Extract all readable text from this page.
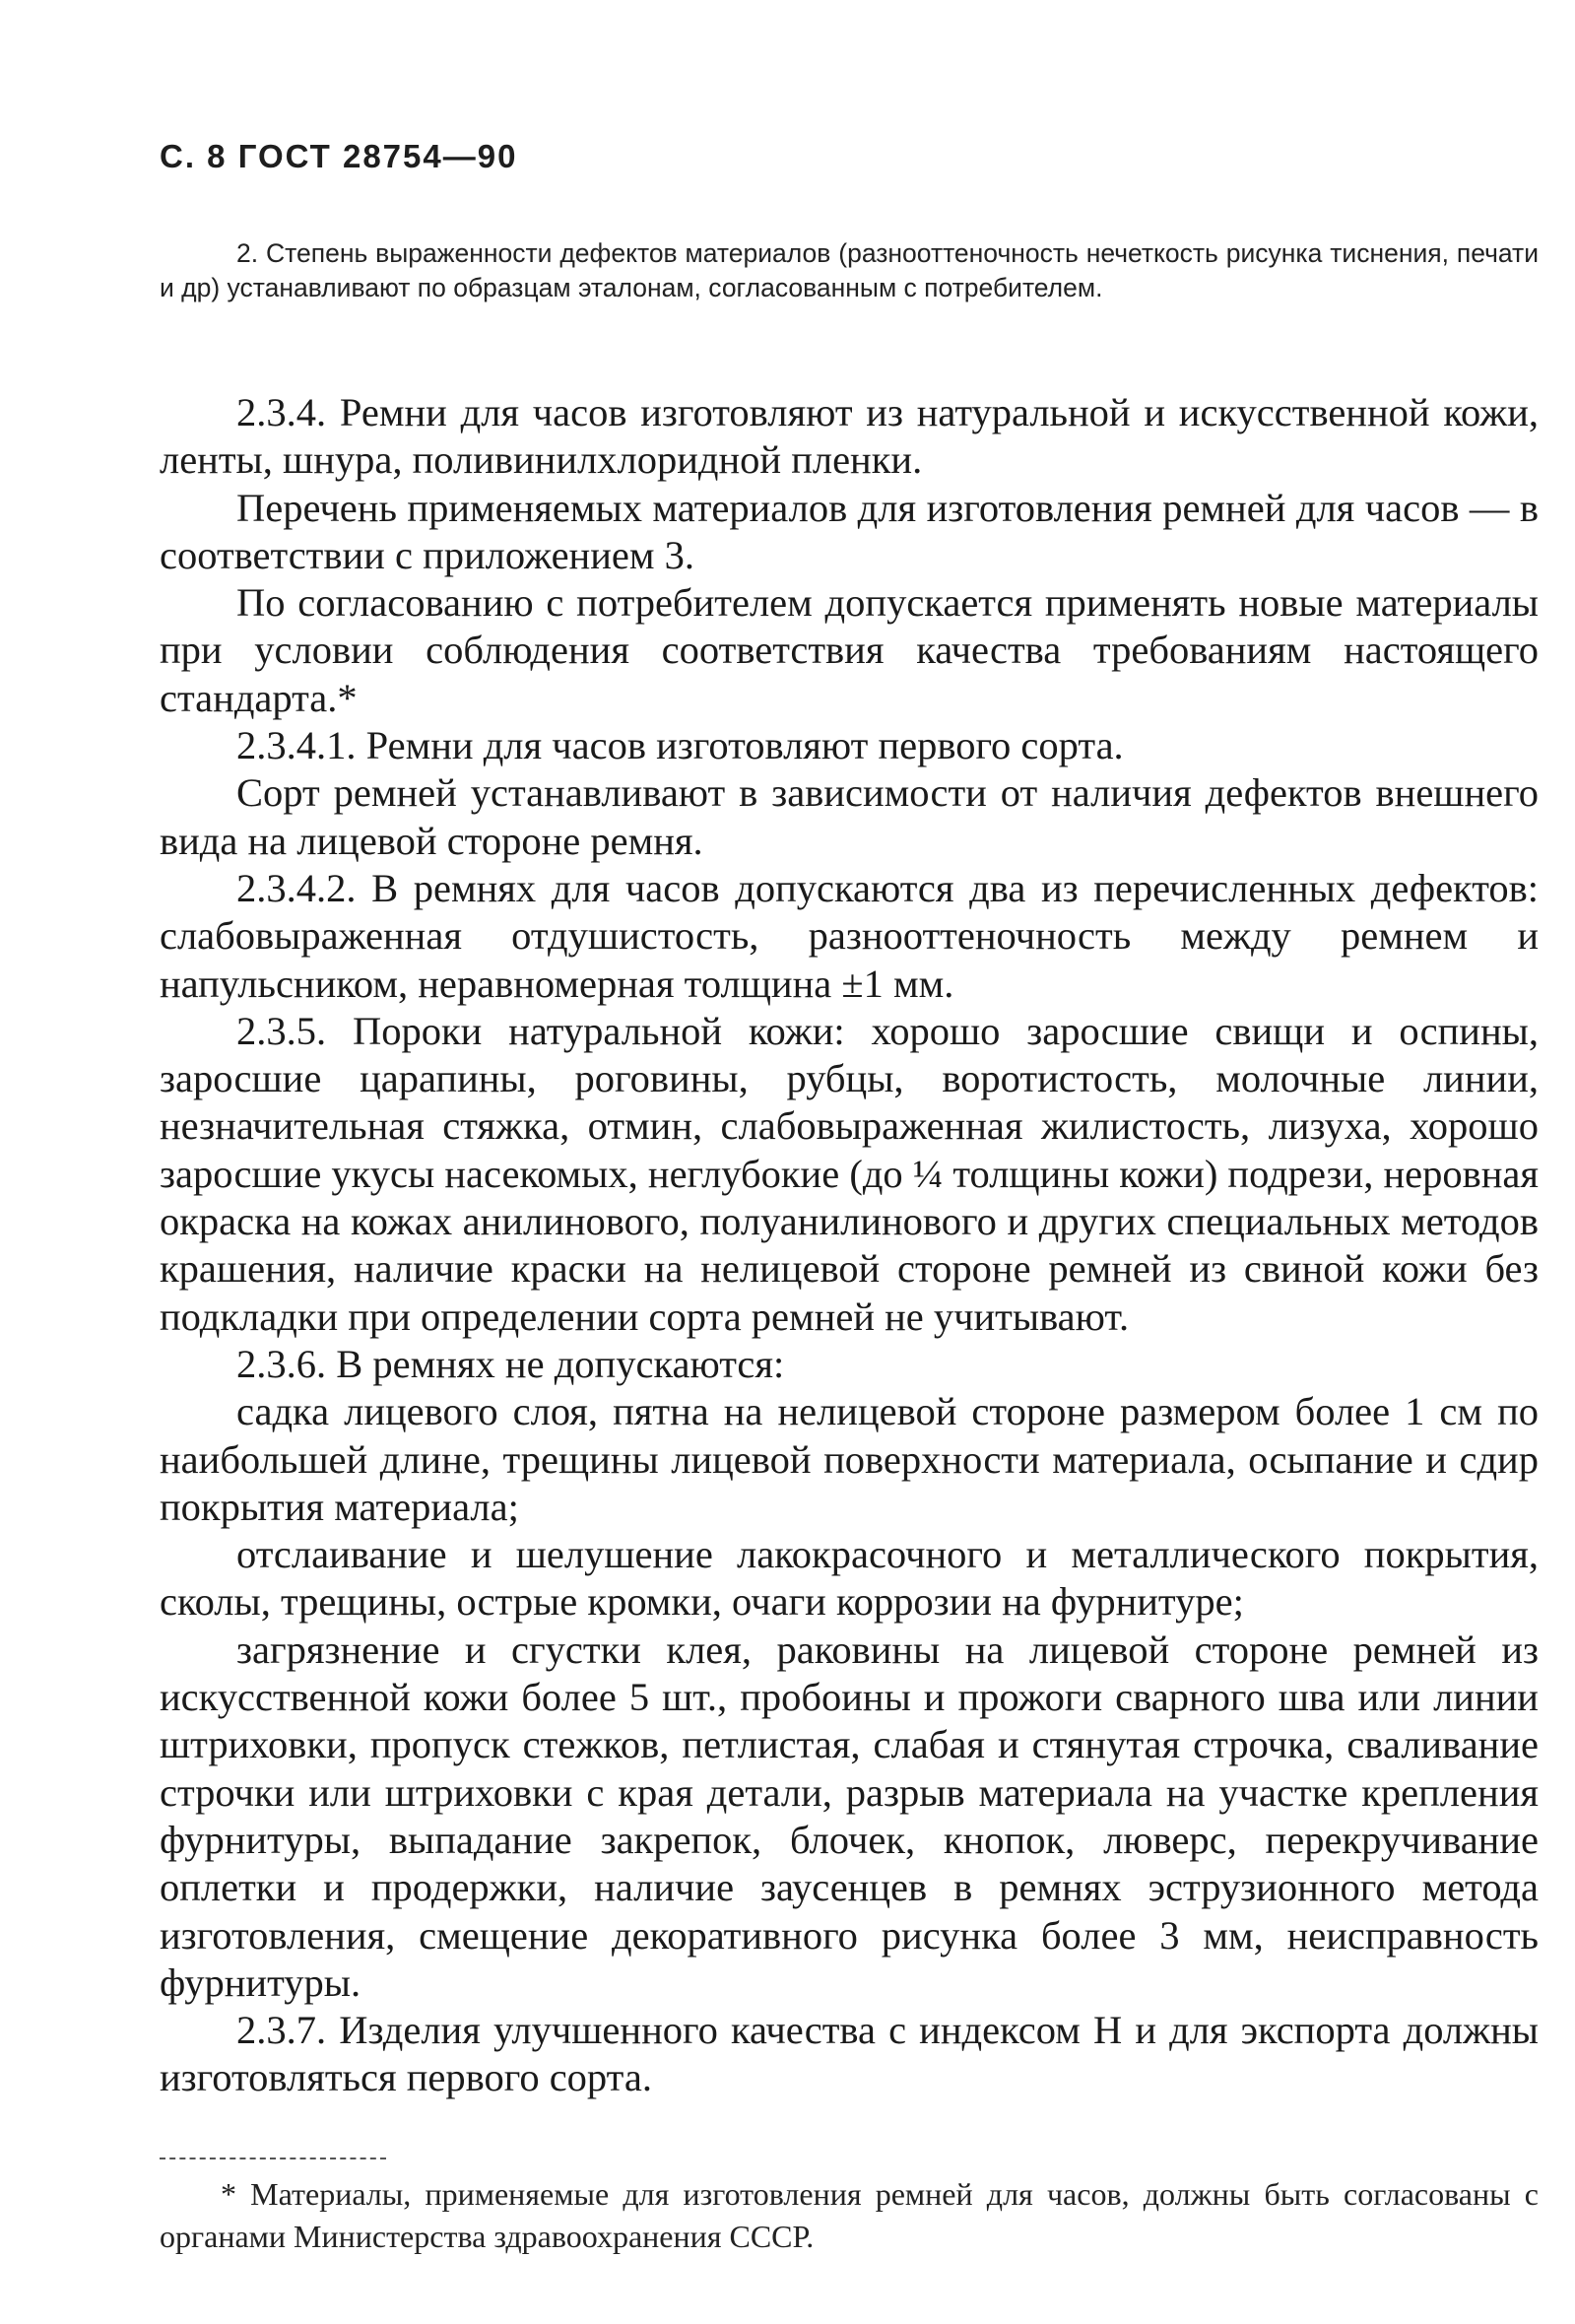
С. 8 ГОСТ 28754—90

2. Степень выраженности дефектов материалов (разнооттеночность нечеткость рисунка тиснения, печати и др) устанавливают по образцам эталонам, согласованным с потребителем.

2.3.4. Ремни для часов изготовляют из натуральной и искусственной кожи, ленты, шнура, поливинилхлоридной пленки.

Перечень применяемых материалов для изготовления ремней для часов — в соответствии с приложением 3.

По согласованию с потребителем допускается применять новые материалы при условии соблюдения соответствия качества требованиям настоящего стандарта.*

2.3.4.1. Ремни для часов изготовляют первого сорта.

Сорт ремней устанавливают в зависимости от наличия дефектов внешнего вида на лицевой стороне ремня.

2.3.4.2. В ремнях для часов допускаются два из перечисленных дефектов: слабовыраженная отдушистость, разнооттеночность между ремнем и напульсником, неравномерная толщина ±1 мм.

2.3.5. Пороки натуральной кожи: хорошо заросшие свищи и оспины, заросшие царапины, роговины, рубцы, воротистость, молочные линии, незначительная стяжка, отмин, слабовыраженная жилистость, лизуха, хорошо заросшие укусы насекомых, неглубокие (до ¼ толщины кожи) подрези, неровная окраска на кожах анилинового, полуанилинового и других специальных методов крашения, наличие краски на нелицевой стороне ремней из свиной кожи без подкладки при определении сорта ремней не учитывают.

2.3.6. В ремнях не допускаются:

садка лицевого слоя, пятна на нелицевой стороне размером более 1 см по наибольшей длине, трещины лицевой поверхности материала, осыпание и сдир покрытия материала;

отслаивание и шелушение лакокрасочного и металлического покрытия, сколы, трещины, острые кромки, очаги коррозии на фурнитуре;

загрязнение и сгустки клея, раковины на лицевой стороне ремней из искусственной кожи более 5 шт., пробоины и прожоги сварного шва или линии штриховки, пропуск стежков, петлистая, слабая и стянутая строчка, сваливание строчки или штриховки с края детали, разрыв материала на участке крепления фурнитуры, выпадание закрепок, блочек, кнопок, люверс, перекручивание оплетки и продержки, наличие заусенцев в ремнях эструзионного метода изготовления, смещение декоративного рисунка более 3 мм, неисправность фурнитуры.

2.3.7. Изделия улучшенного качества с индексом Н и для экспорта должны изготовляться первого сорта.

* Материалы, применяемые для изготовления ремней для часов, должны быть согласованы с органами Министерства здравоохранения СССР.
